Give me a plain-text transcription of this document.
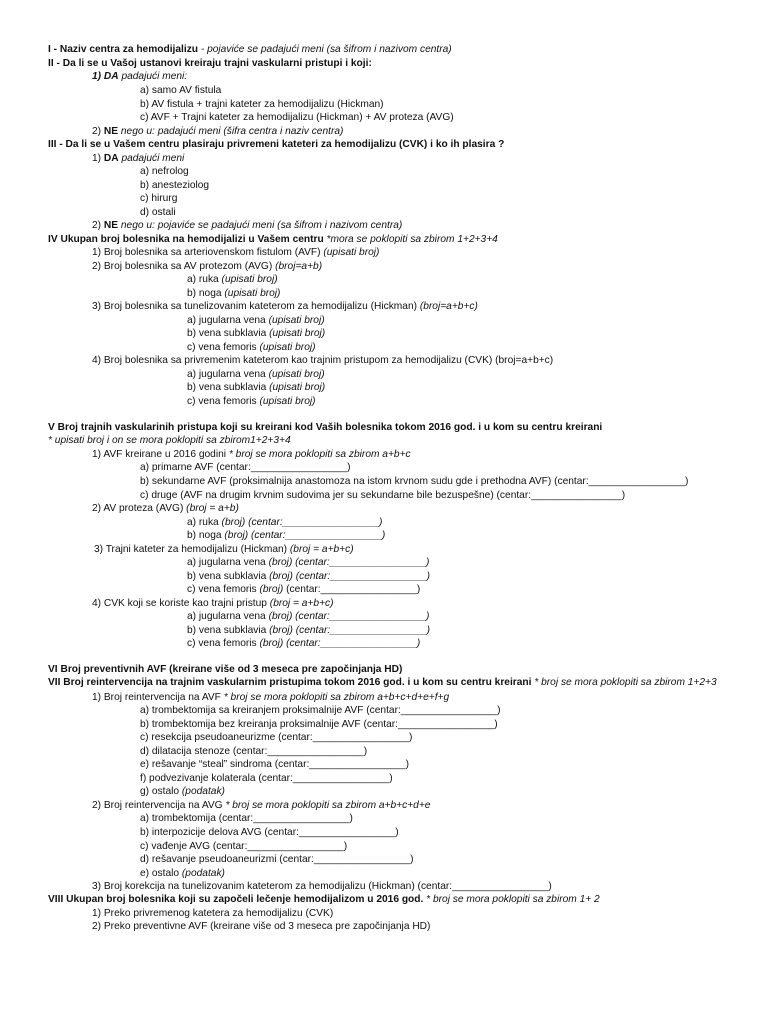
I - Naziv centra za hemodijalizu - pojaviće se padajući meni (sa šifrom i nazivom centra)
II - Da li se u Vašoj ustanovi kreiraju trajni vaskularni pristupi i koji:
1) DA padajući meni:
a) samo AV fistula
b) AV fistula + trajni kateter za hemodijalizu (Hickman)
c) AVF + Trajni kateter za hemodijalizu (Hickman) + AV proteza (AVG)
2) NE nego u: padajući meni (šifra centra i naziv centra)
III - Da li se u Vašem centru plasiraju privremeni kateteri za hemodijalizu (CVK) i ko ih plasira ?
1) DA padajući meni
a) nefrolog
b) anesteziolog
c) hirurg
d) ostali
2) NE nego u: pojaviće se padajući meni (sa šifrom i nazivom centra)
IV Ukupan broj bolesnika na hemodijalizi u Vašem centru *mora se poklopiti sa zbirom 1+2+3+4
1) Broj bolesnika sa arteriovenskom fistulom (AVF) (upisati broj)
2) Broj bolesnika sa AV protezom (AVG) (broj=a+b)
a) ruka (upisati broj)
b) noga (upisati broj)
3) Broj bolesnika sa tunelizovanim kateterom za hemodijalizu (Hickman) (broj=a+b+c)
a) jugularna vena (upisati broj)
b) vena subklavia (upisati broj)
c) vena femoris (upisati broj)
4) Broj bolesnika sa privremenim kateterom kao trajnim pristupom za hemodijalizu (CVK) (broj=a+b+c)
a) jugularna vena (upisati broj)
b) vena subklavia (upisati broj)
c) vena femoris (upisati broj)
V Broj trajnih vaskularinih pristupa koji su kreirani kod Vaših bolesnika tokom 2016 god. i u kom su centru kreirani
* upisati broj i on se mora poklopiti sa zbirom1+2+3+4
1) AVF kreirane u 2016 godini * broj se mora poklopiti sa zbirom a+b+c
a) primarne AVF (centar:_________________)
b) sekundarne AVF (proksimalnija anastomoza na istom krvnom sudu gde i prethodna AVF) (centar:_________________)
c) druge (AVF na drugim krvnim sudovima jer su sekundarne bile bezuspešne) (centar:________________)
2) AV proteza (AVG) (broj = a+b)
a) ruka (broj) (centar:_________________)
b) noga (broj) (centar:_________________)
3) Trajni kateter za hemodijalizu (Hickman) (broj = a+b+c)
a) jugularna vena (broj) (centar:_________________)
b) vena subklavia (broj) (centar:_________________)
c) vena femoris (broj) (centar:_________________)
4) CVK koji se koriste kao trajni pristup (broj = a+b+c)
a) jugularna vena (broj) (centar:_________________)
b) vena subklavia (broj) (centar:_________________)
c) vena femoris (broj) (centar:_________________)
VI Broj preventivnih AVF (kreirane više od 3 meseca pre započinjanja HD)
VII Broj reintervencija na trajnim vaskularnim pristupima tokom 2016 god. i u kom su centru kreirani * broj se mora poklopiti sa zbirom 1+2+3
1) Broj reintervencija na AVF * broj se mora poklopiti sa zbirom a+b+c+d+e+f+g
a) trombektomija sa kreiranjem proksimalnije AVF (centar:_________________)
b) trombektomija bez kreiranja proksimalnije AVF (centar:_________________)
c) resekcija pseudoaneurizme (centar:_________________)
d) dilatacija stenoze (centar:_________________)
e) rešavanje “steal” sindroma (centar:_________________)
f) podvezivanje kolaterala (centar:_________________)
g) ostalo (podatak)
2) Broj reintervencija na AVG * broj se mora poklopiti sa zbirom a+b+c+d+e
a) trombektomija (centar:_________________)
b) interpozicije delova AVG (centar:_________________)
c) vađenje AVG (centar:_________________)
d) rešavanje pseudoaneurizmi (centar:_________________)
e) ostalo (podatak)
3) Broj korekcija na tunelizovanim kateterom za hemodijalizu (Hickman) (centar:_________________)
VIII Ukupan broj bolesnika koji su započeli lečenje hemodijalizom u 2016 god. * broj se mora poklopiti sa zbirom 1+ 2
1) Preko privremenog katetera za hemodijalizu (CVK)
2) Preko preventivne AVF (kreirane više od 3 meseca pre započinjanja HD)
